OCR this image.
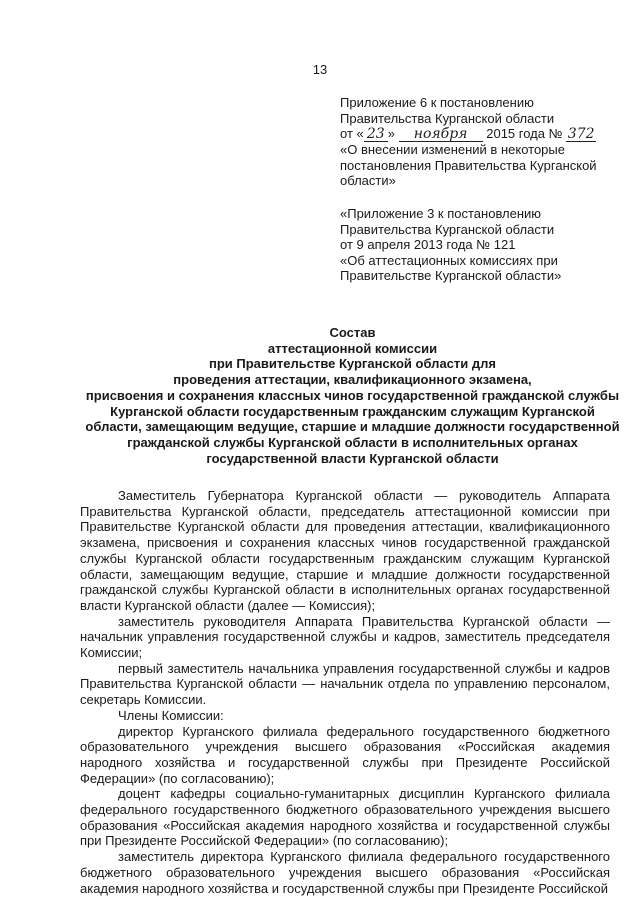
13
Приложение 6 к постановлению
Правительства Курганской области
от « 23 » ноября 2015 года № 372
«О внесении изменений в некоторые
постановления Правительства Курганской
области»
«Приложение 3 к постановлению
Правительства Курганской области
от 9 апреля 2013 года № 121
«Об аттестационных комиссиях при
Правительстве Курганской области»
Состав
аттестационной комиссии
при Правительстве Курганской области для
проведения аттестации, квалификационного экзамена,
присвоения и сохранения классных чинов государственной гражданской службы
Курганской области государственным гражданским служащим Курганской
области, замещающим ведущие, старшие и младшие должности государственной
гражданской службы Курганской области в исполнительных органах
государственной власти Курганской области

Заместитель Губернатора Курганской области — руководитель Аппарата Правительства Курганской области, председатель аттестационной комиссии при Правительстве Курганской области для проведения аттестации, квалификационного экзамена, присвоения и сохранения классных чинов государственной гражданской службы Курганской области государственным гражданским служащим Курганской области, замещающим ведущие, старшие и младшие должности государственной гражданской службы Курганской области в исполнительных органах государственной власти Курганской области (далее — Комиссия);

заместитель руководителя Аппарата Правительства Курганской области — начальник управления государственной службы и кадров, заместитель председателя Комиссии;

первый заместитель начальника управления государственной службы и кадров Правительства Курганской области — начальник отдела по управлению персоналом, секретарь Комиссии.

Члены Комиссии:

директор Курганского филиала федерального государственного бюджетного образовательного учреждения высшего образования «Российская академия народного хозяйства и государственной службы при Президенте Российской Федерации» (по согласованию);

доцент кафедры социально-гуманитарных дисциплин Курганского филиала федерального государственного бюджетного образовательного учреждения высшего образования «Российская академия народного хозяйства и государственной службы при Президенте Российской Федерации» (по согласованию);

заместитель директора Курганского филиала федерального государственного бюджетного образовательного учреждения высшего образования «Российская академия народного хозяйства и государственной службы при Президенте Российской
